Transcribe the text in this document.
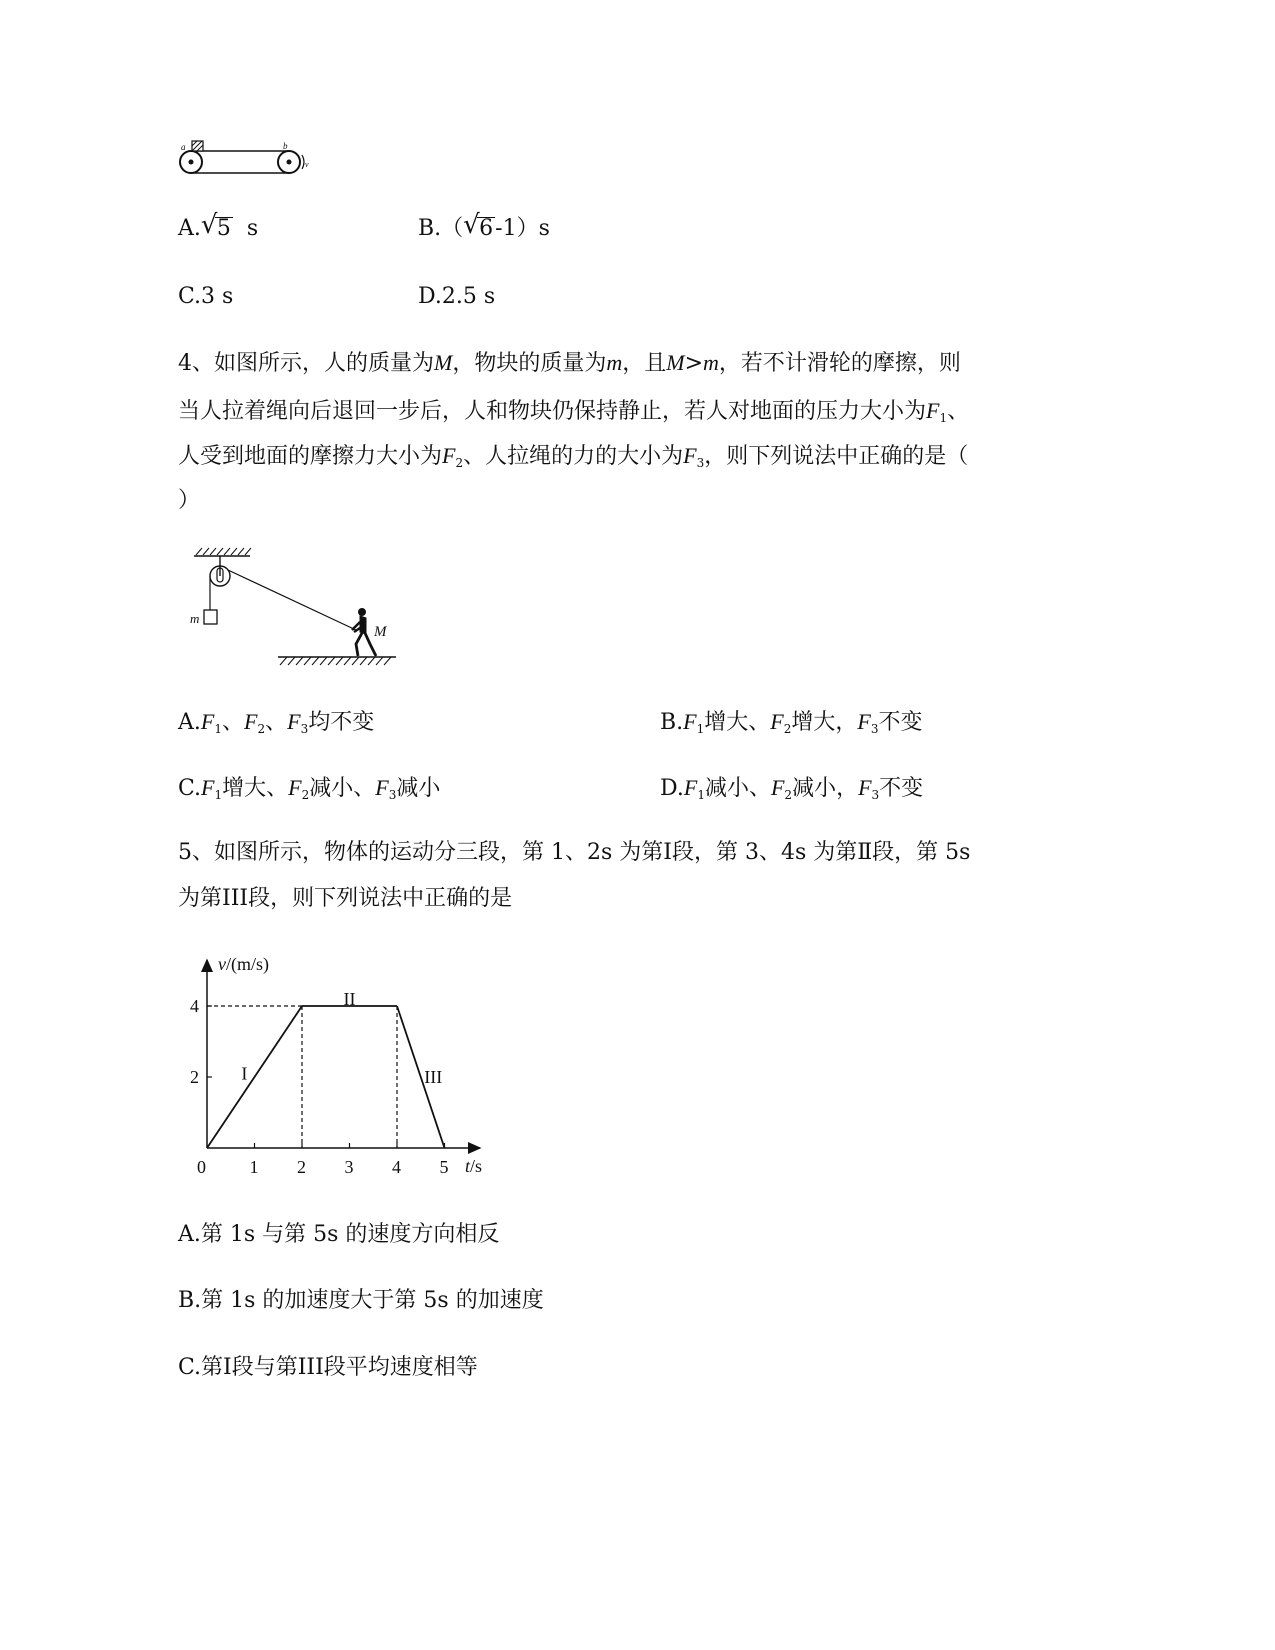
a	b
v
A. √ 5 s	B.（ √ 6-1）s
C.3 s	D.2.5 s
4、如图所示，人的质量为M，物块的质量为m，且M>m，若不计滑轮的摩擦，则
当人拉着绳向后退回一步后，人和物块仍保持静止，若人对地面的压力大小为$F_1$、
人受到地面的摩擦力大小为$F_2$、人拉绳的力的大小为$F_3$，则下列说法中正确的是（
）
m
M
$A.F_1$、$F_2$、$F_3$均不变	$B.F_1$增大、$F_2$增大，$F_3$不变
$C.F_1$增大、$F_2$减小、$F_3$减小	$D.F_1$减小、$F_2$减小，$F_3$不变
5、如图所示，物体的运动分三段，第 1、2s 为第Ⅰ段，第 3、4s 为第Ⅱ段，第 5s
为第III段，则下列说法中正确的是
v/(m/s)
t/s
0 1 2 3 4 5
2
4
I
II
III
A.第 1s 与第 5s 的速度方向相反
B.第 1s 的加速度大于第 5s 的加速度
C.第Ⅰ段与第III段平均速度相等
